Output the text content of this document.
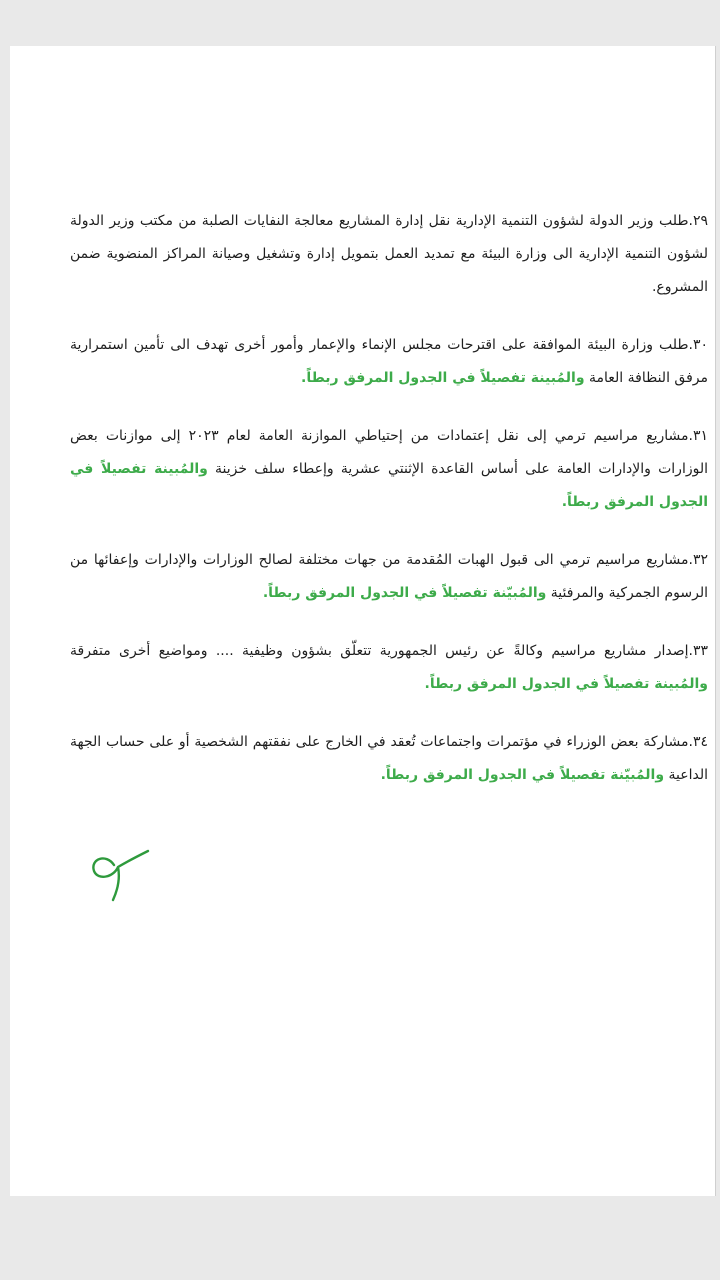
٢٩.طلب وزير الدولة لشؤون التنمية الإدارية نقل إدارة المشاريع معالجة النفايات الصلبة من مكتب وزير الدولة لشؤون التنمية الإدارية الى وزارة البيئة مع تمديد العمل بتمويل إدارة وتشغيل وصيانة المراكز المنضوية ضمن المشروع.

٣٠.طلب وزارة البيئة الموافقة على اقترحات مجلس الإنماء والإعمار وأمور أخرى تهدف الى تأمين استمرارية مرفق النظافة العامة والمُبينة تفصيلاً في الجدول المرفق ربطاً.

٣١.مشاريع مراسيم ترمي إلى نقل إعتمادات من إحتياطي الموازنة العامة لعام ٢٠٢٣ إلى موازنات بعض الوزارات والإدارات العامة على أساس القاعدة الإثنتي عشرية وإعطاء سلف خزينة والمُبينة تفصيلاً في الجدول المرفق ربطاً.

٣٢.مشاريع مراسيم ترمي الى قبول الهبات المُقدمة من جهات مختلفة لصالح الوزارات والإدارات وإعفائها من الرسوم الجمركية والمرفئية والمُبيّنة تفصيلاً في الجدول المرفق ربطاً.

٣٣.إصدار مشاريع مراسيم وكالةً عن رئيس الجمهورية تتعلّق بشؤون وظيفية .... ومواضيع أخرى متفرقة والمُبينة تفصيلاً في الجدول المرفق ربطاً.

٣٤.مشاركة بعض الوزراء في مؤتمرات واجتماعات تُعقد في الخارج على نفقتهم الشخصية أو على حساب الجهة الداعية والمُبيّنة تفصيلاً في الجدول المرفق ربطاً.
